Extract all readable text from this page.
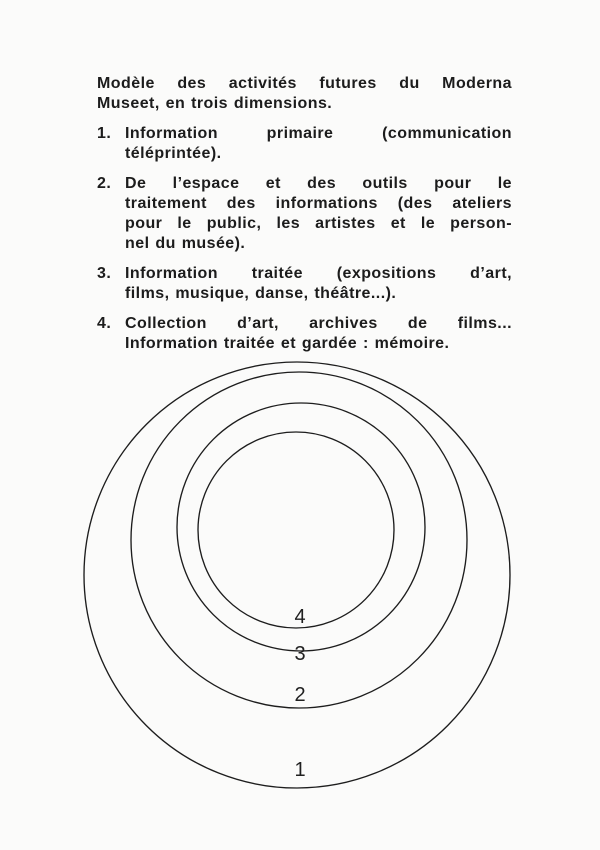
Modèle des activités futures du Moderna
Museet, en trois dimensions.
1. Information primaire (communication
téléprintée).
2. De l’espace et des outils pour le
traitement des informations (des ateliers
pour le public, les artistes et le person-
nel du musée).
3. Information traitée (expositions d’art,
films, musique, danse, théâtre...).
4. Collection d’art, archives de films...
Information traitée et gardée : mémoire.
1
2
3
4
